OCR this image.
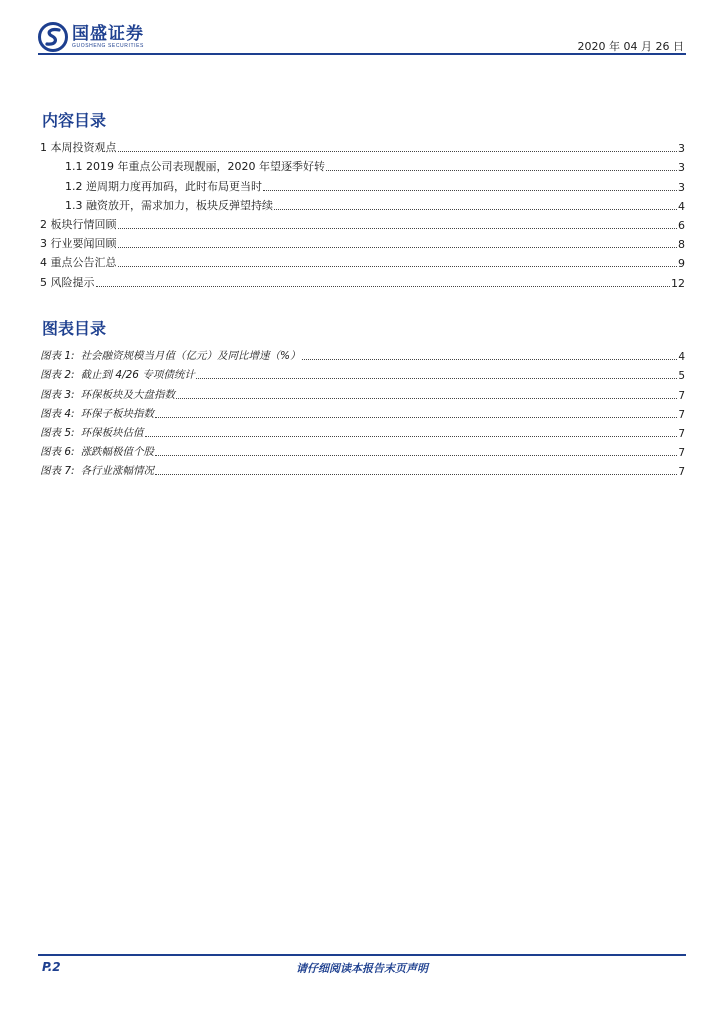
国盛证券
GUOSHENG SECURITIES	2020 年 04 月 26 日
内容目录
1 本周投资观点	3
1.1 2019 年重点公司表现靓丽，2020 年望逐季好转	3
1.2 逆周期力度再加码，此时布局更当时	3
1.3 融资放开，需求加力，板块反弹望持续	4
2 板块行情回顾	6
3 行业要闻回顾	8
4 重点公告汇总	9
5 风险提示	12
图表目录
图表 1: 社会融资规模当月值（亿元）及同比增速（%）	4
图表 2: 截止到 4/26 专项债统计	5
图表 3: 环保板块及大盘指数	7
图表 4: 环保子板块指数	7
图表 5: 环保板块估值	7
图表 6: 涨跌幅极值个股	7
图表 7: 各行业涨幅情况	7
P.2	请仔细阅读本报告末页声明
